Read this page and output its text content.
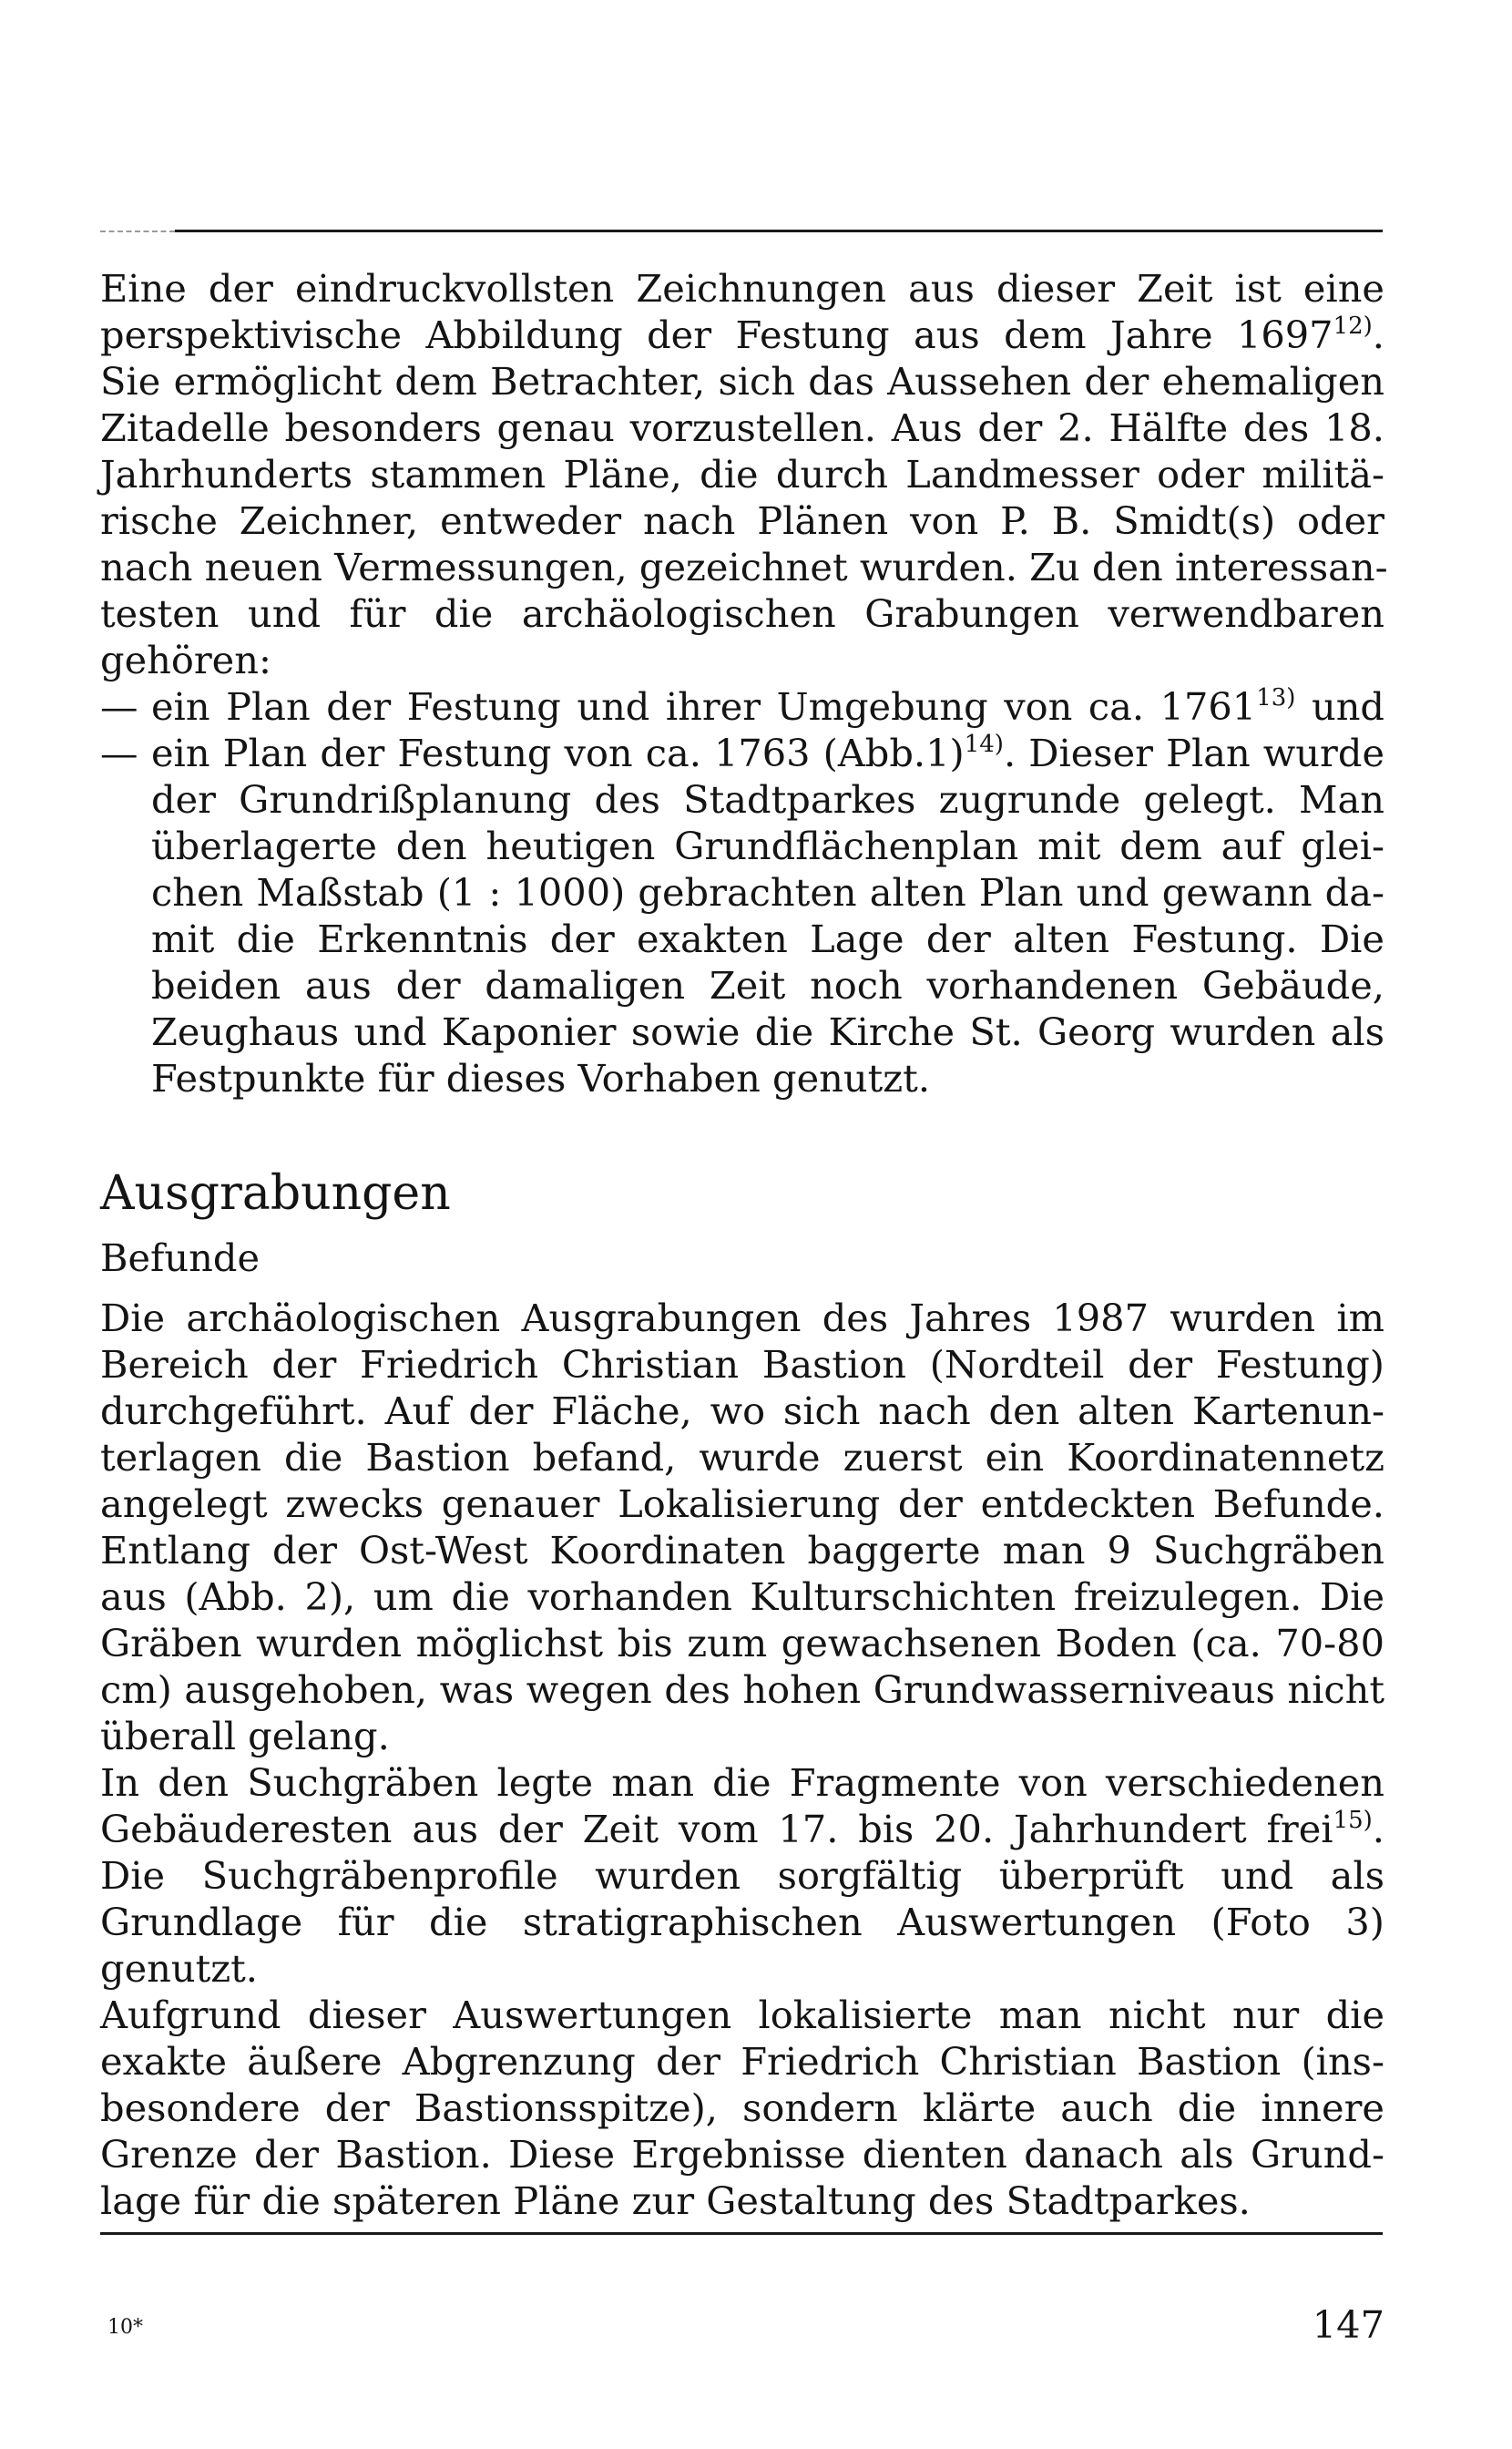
Eine der eindruckvollsten Zeichnungen aus dieser Zeit ist eine
perspektivische Abbildung der Festung aus dem Jahre 1697$^{12)}$.
Sie ermöglicht dem Betrachter, sich das Aussehen der ehemaligen
Zitadelle besonders genau vorzustellen. Aus der 2. Hälfte des 18.
Jahrhunderts stammen Pläne, die durch Landmesser oder militä-
rische Zeichner, entweder nach Plänen von P. B. Smidt(s) oder
nach neuen Vermessungen, gezeichnet wurden. Zu den interessan-
testen und für die archäologischen Grabungen verwendbaren
gehören:
— ein Plan der Festung und ihrer Umgebung von ca. 1761$^{13)}$ und
— ein Plan der Festung von ca. 1763 $(Abb.1)^{14)}$. Dieser Plan wurde
der Grundrißplanung des Stadtparkes zugrunde gelegt. Man
überlagerte den heutigen Grundflächenplan mit dem auf glei-
chen Maßstab (1 : 1000) gebrachten alten Plan und gewann da-
mit die Erkenntnis der exakten Lage der alten Festung. Die
beiden aus der damaligen Zeit noch vorhandenen Gebäude,
Zeughaus und Kaponier sowie die Kirche St. Georg wurden als
Festpunkte für dieses Vorhaben genutzt.
Ausgrabungen
Befunde
Die archäologischen Ausgrabungen des Jahres 1987 wurden im
Bereich der Friedrich Christian Bastion (Nordteil der Festung)
durchgeführt. Auf der Fläche, wo sich nach den alten Kartenun-
terlagen die Bastion befand, wurde zuerst ein Koordinatennetz
angelegt zwecks genauer Lokalisierung der entdeckten Befunde.
Entlang der Ost-West Koordinaten baggerte man 9 Suchgräben
aus (Abb. 2), um die vorhanden Kulturschichten freizulegen. Die
Gräben wurden möglichst bis zum gewachsenen Boden (ca. 70-80
cm) ausgehoben, was wegen des hohen Grundwasserniveaus nicht
überall gelang.
In den Suchgräben legte man die Fragmente von verschiedenen
Gebäuderesten aus der Zeit vom 17. bis 20. Jahrhundert frei$^{15)}$.
Die Suchgräbenprofile wurden sorgfältig überprüft und als
Grundlage für die stratigraphischen Auswertungen (Foto 3)
genutzt.
Aufgrund dieser Auswertungen lokalisierte man nicht nur die
exakte äußere Abgrenzung der Friedrich Christian Bastion (ins-
besondere der Bastionsspitze), sondern klärte auch die innere
Grenze der Bastion. Diese Ergebnisse dienten danach als Grund-
lage für die späteren Pläne zur Gestaltung des Stadtparkes.
10*	147
